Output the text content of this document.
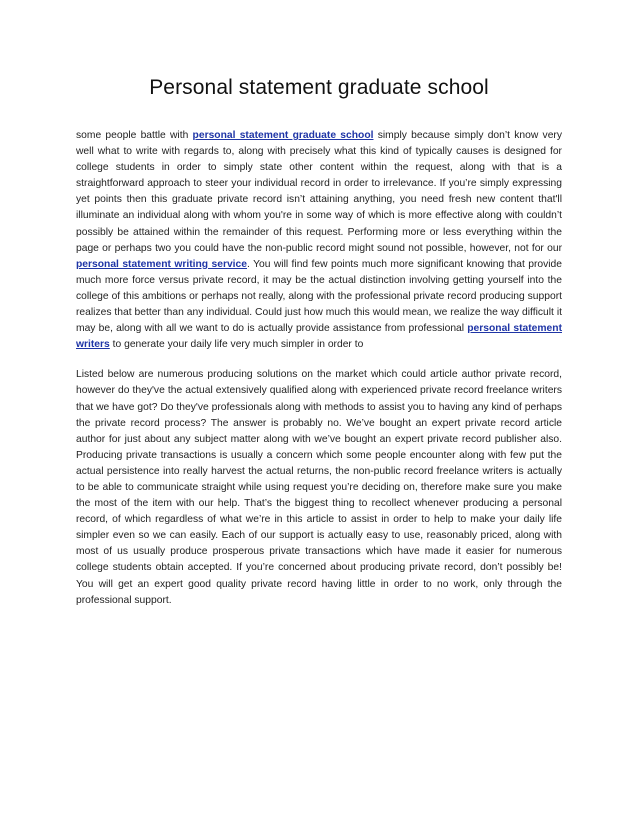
Personal statement graduate school

some people battle with personal statement graduate school simply because simply don’t know very well what to write with regards to, along with precisely what this kind of typically causes is designed for college students in order to simply state other content within the request, along with that is a straightforward approach to steer your individual record in order to irrelevance. If you’re simply expressing yet points then this graduate private record isn’t attaining anything, you need fresh new content that'll illuminate an individual along with whom you're in some way of which is more effective along with couldn’t possibly be attained within the remainder of this request. Performing more or less everything within the page or perhaps two you could have the non-public record might sound not possible, however, not for our personal statement writing service. You will find few points much more significant knowing that provide much more force versus private record, it may be the actual distinction involving getting yourself into the college of this ambitions or perhaps not really, along with the professional private record producing support realizes that better than any individual. Could just how much this would mean, we realize the way difficult it may be, along with all we want to do is actually provide assistance from professional personal statement writers to generate your daily life very much simpler in order to

Listed below are numerous producing solutions on the market which could article author private record, however do they've the actual extensively qualified along with experienced private record freelance writers that we have got? Do they've professionals along with methods to assist you to having any kind of perhaps the private record process? The answer is probably no. We’ve bought an expert private record article author for just about any subject matter along with we’ve bought an expert private record publisher also. Producing private transactions is usually a concern which some people encounter along with few put the actual persistence into really harvest the actual returns, the non-public record freelance writers is actually to be able to communicate straight while using request you’re deciding on, therefore make sure you make the most of the item with our help. That’s the biggest thing to recollect whenever producing a personal record, of which regardless of what we’re in this article to assist in order to help to make your daily life simpler even so we can easily. Each of our support is actually easy to use, reasonably priced, along with most of us usually produce prosperous private transactions which have made it easier for numerous college students obtain accepted. If you’re concerned about producing private record, don’t possibly be! You will get an expert good quality private record having little in order to no work, only through the professional support.
